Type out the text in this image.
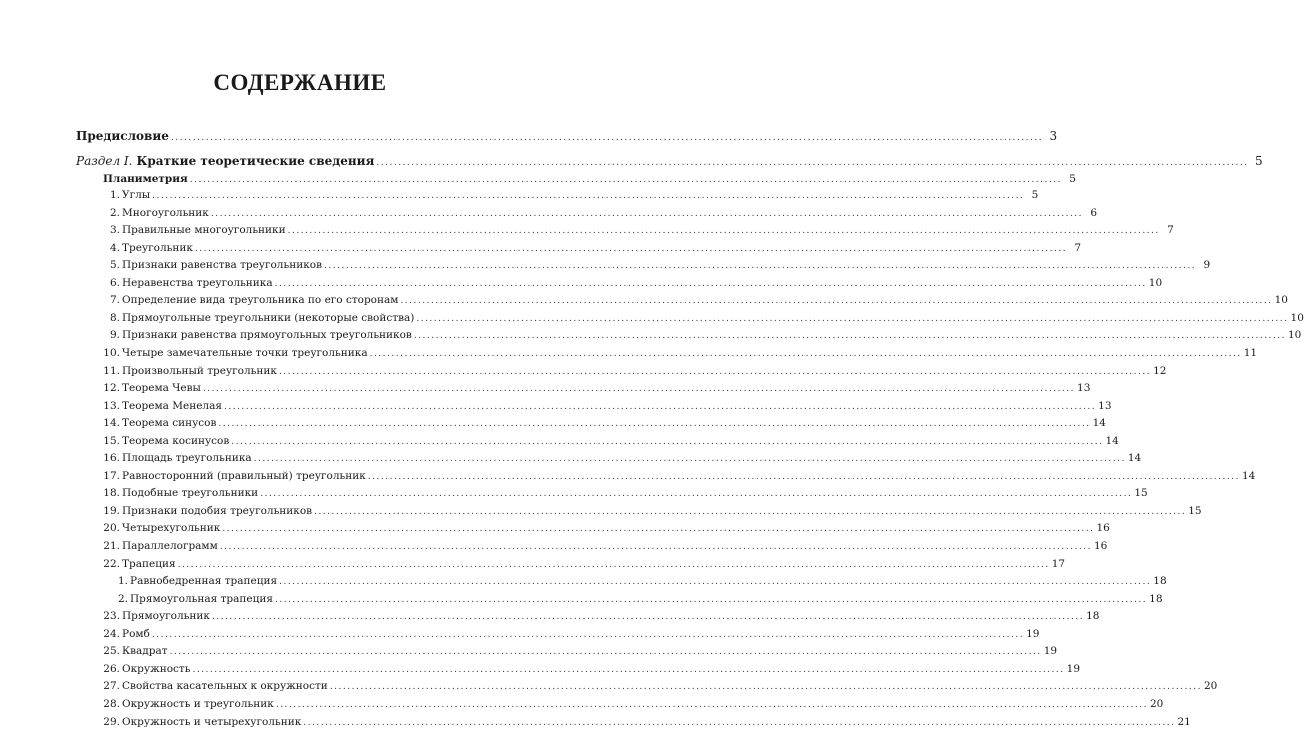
СОДЕРЖАНИЕ
Предисловие ........................................................................................................................................................................................................ 3
Раздел I. Краткие теоретические сведения ........................................................................................................................................................................................................ 5
Планиметрия ........................................................................................................................................................................................................ 5
1. Углы ........................................................................................................................................................................................................ 5
2. Многоугольник ........................................................................................................................................................................................................ 6
3. Правильные многоугольники ........................................................................................................................................................................................................ 7
4. Треугольник ........................................................................................................................................................................................................ 7
5. Признаки равенства треугольников ........................................................................................................................................................................................................ 9
6. Неравенства треугольника ........................................................................................................................................................................................................ 10
7. Определение вида треугольника по его сторонам ........................................................................................................................................................................................................ 10
8. Прямоугольные треугольники (некоторые свойства) ........................................................................................................................................................................................................ 10
9. Признаки равенства прямоугольных треугольников ........................................................................................................................................................................................................ 10
10. Четыре замечательные точки треугольника ........................................................................................................................................................................................................ 11
11. Произвольный треугольник ........................................................................................................................................................................................................ 12
12. Теорема Чевы ........................................................................................................................................................................................................ 13
13. Теорема Менелая ........................................................................................................................................................................................................ 13
14. Теорема синусов ........................................................................................................................................................................................................ 14
15. Теорема косинусов ........................................................................................................................................................................................................ 14
16. Площадь треугольника ........................................................................................................................................................................................................ 14
17. Равносторонний (правильный) треугольник ........................................................................................................................................................................................................ 14
18. Подобные треугольники ........................................................................................................................................................................................................ 15
19. Признаки подобия треугольников ........................................................................................................................................................................................................ 15
20. Четырехугольник ........................................................................................................................................................................................................ 16
21. Параллелограмм ........................................................................................................................................................................................................ 16
22. Трапеция ........................................................................................................................................................................................................ 17
1. Равнобедренная трапеция ........................................................................................................................................................................................................ 18
2. Прямоугольная трапеция ........................................................................................................................................................................................................ 18
23. Прямоугольник ........................................................................................................................................................................................................ 18
24. Ромб ........................................................................................................................................................................................................ 19
25. Квадрат ........................................................................................................................................................................................................ 19
26. Окружность ........................................................................................................................................................................................................ 19
27. Свойства касательных к окружности ........................................................................................................................................................................................................ 20
28. Окружность и треугольник ........................................................................................................................................................................................................ 20
29. Окружность и четырехугольник ........................................................................................................................................................................................................ 21
